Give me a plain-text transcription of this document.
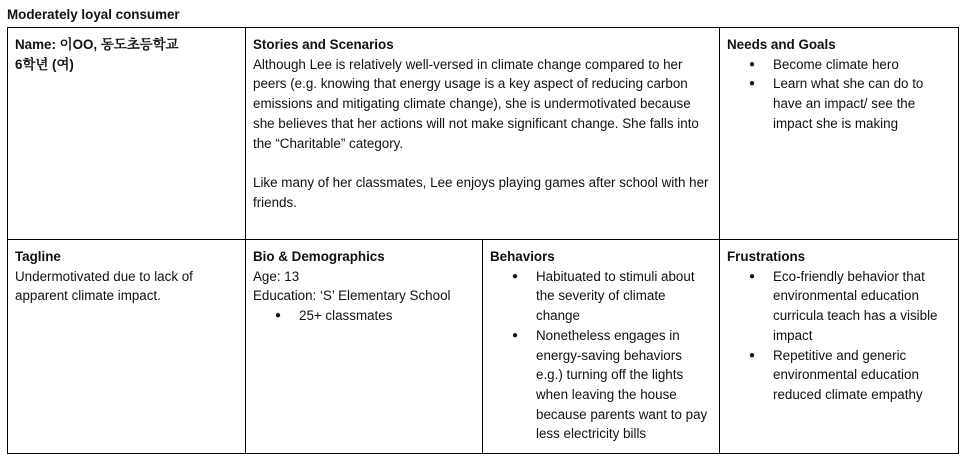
Moderately loyal consumer
Name: 이OO, 동도초등학교
6학년 (여)
Stories and Scenarios

Although Lee is relatively well-versed in climate change compared to her peers (e.g. knowing that energy usage is a key aspect of reducing carbon emissions and mitigating climate change), she is undermotivated because she believes that her actions will not make significant change. She falls into the “Charitable” category.

Like many of her classmates, Lee enjoys playing games after school with her friends.

Needs and Goals
● Become climate hero
● Learn what she can do to have an impact/ see the impact she is making
Tagline

Undermotivated due to lack of apparent climate impact.

Bio & Demographics

Age: 13

Education: ‘S’ Elementary School

● 25+ classmates
Behaviors
● Habituated to stimuli about the severity of climate change
● Nonetheless engages in energy-saving behaviors e.g.) turning off the lights when leaving the house because parents want to pay less electricity bills
Frustrations
● Eco-friendly behavior that environmental education curricula teach has a visible impact
● Repetitive and generic environmental education reduced climate empathy
